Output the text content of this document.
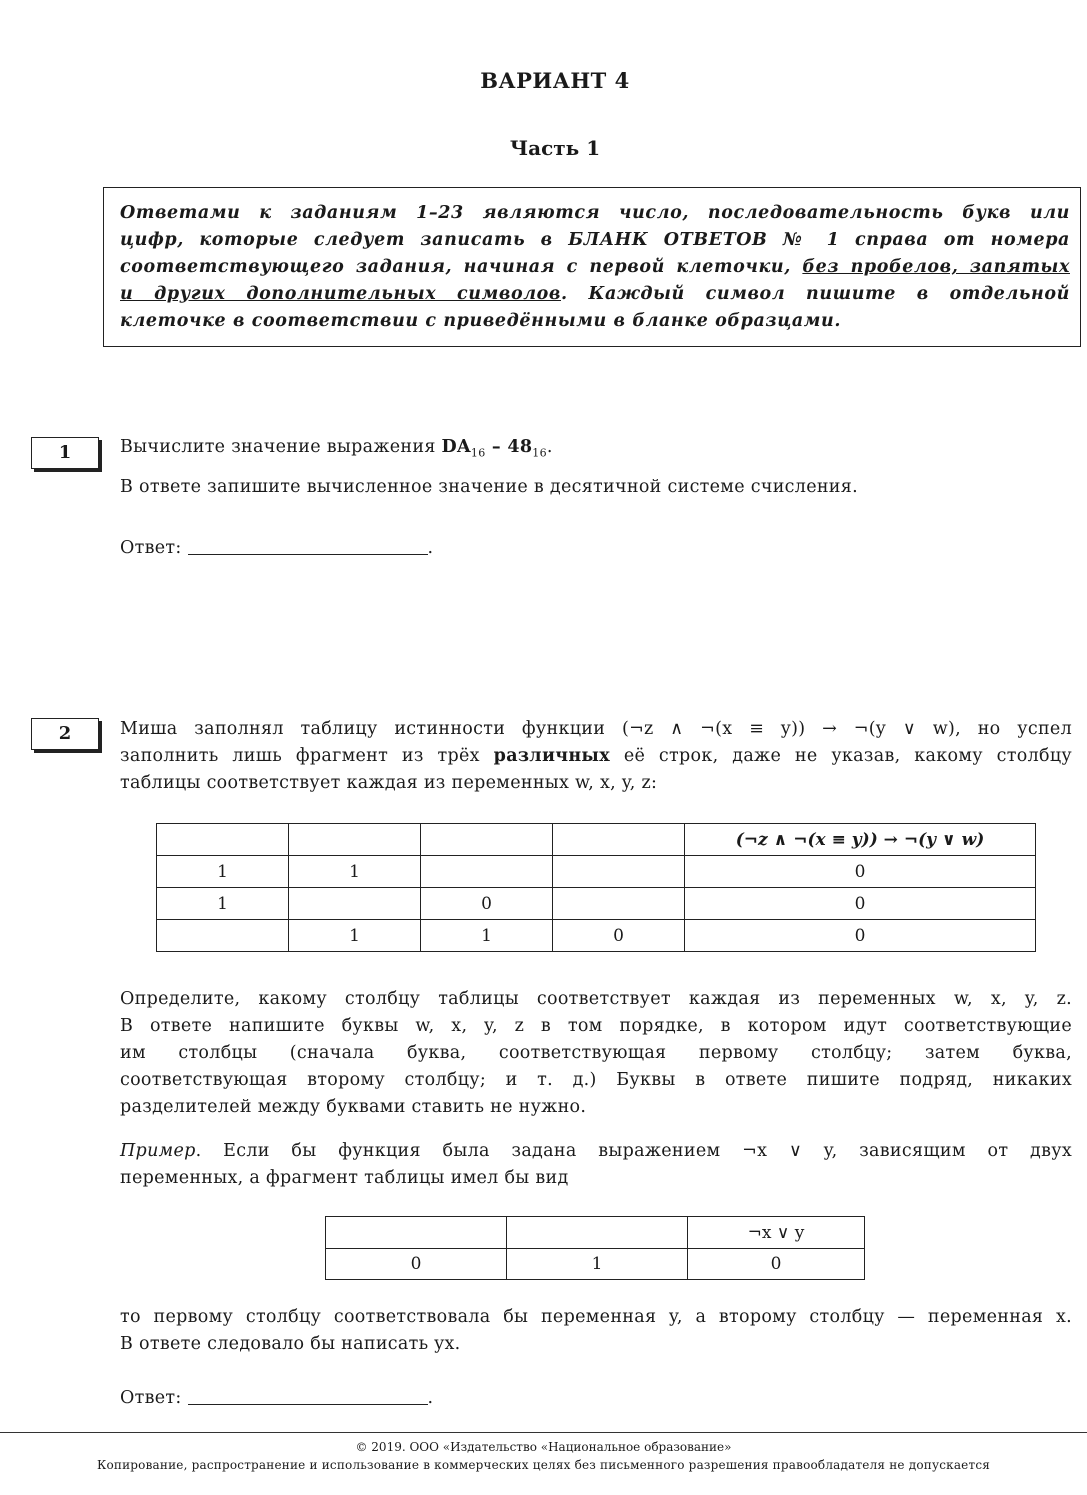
ВАРИАНТ 4
Часть 1
Ответами к заданиям 1–23 являются число, последовательность букв или
цифр, которые следует записать в БЛАНК ОТВЕТОВ № 1 справа от номера
соответствующего задания, начиная с первой клеточки, без пробелов, запятых
и других дополнительных символов. Каждый символ пишите в отдельной
клеточке в соответствии с приведёнными в бланке образцами.
1	Вычислите значение выражения $DA_{16} - 48_{16}$.
В ответе запишите вычисленное значение в десятичной системе счисления.
Ответ:	.
2	Миша заполнял таблицу истинности функции (¬z ∧ ¬(x ≡ y)) → ¬(y ∨ w), но успел
заполнить лишь фрагмент из трёх различных её строк, даже не указав, какому столбцу
таблицы соответствует каждая из переменных w, x, y, z:
				(¬z ∧ ¬(x ≡ y)) → ¬(y ∨ w)
1	1			0
1		0		0
	1	1	0	0
Определите, какому столбцу таблицы соответствует каждая из переменных w, x, y, z.
В ответе напишите буквы w, x, y, z в том порядке, в котором идут соответствующие
им столбцы (сначала буква, соответствующая первому столбцу; затем буква,
соответствующая второму столбцу; и т. д.) Буквы в ответе пишите подряд, никаких
разделителей между буквами ставить не нужно.
Пример. Если бы функция была задана выражением ¬x ∨ y, зависящим от двух
переменных, а фрагмент таблицы имел бы вид
		¬x ∨ y
0	1	0
то первому столбцу соответствовала бы переменная y, а второму столбцу — переменная x.
В ответе следовало бы написать yx.
Ответ:	.
© 2019. ООО «Издательство «Национальное образование»
Копирование, распространение и использование в коммерческих целях без письменного разрешения правообладателя не допускается
